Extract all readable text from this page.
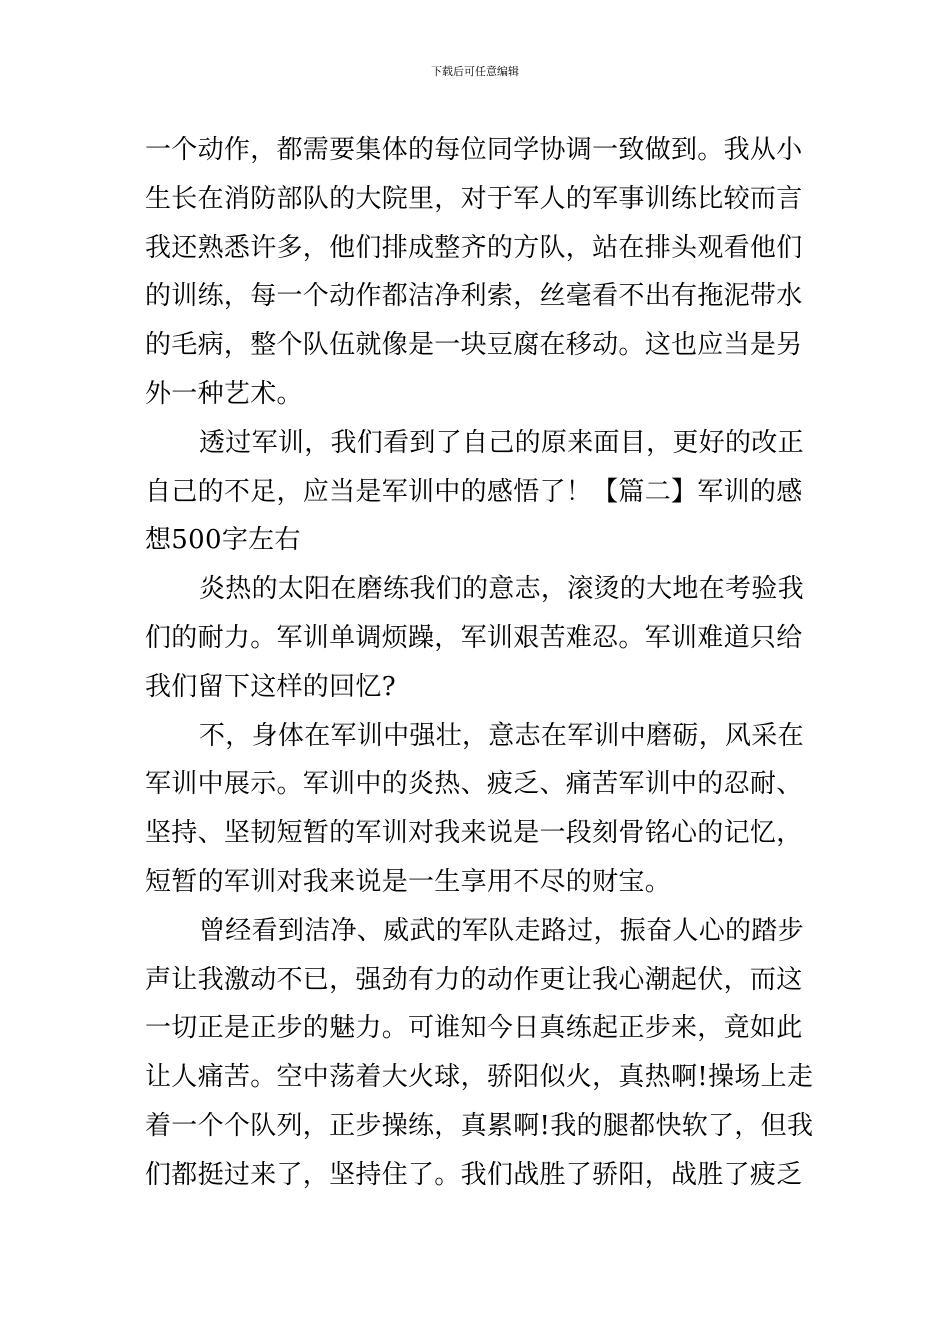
下载后可任意编辑
一个动作，都需要集体的每位同学协调一致做到。我从小
生长在消防部队的大院里，对于军人的军事训练比较而言
我还熟悉许多，他们排成整齐的方队，站在排头观看他们
的训练，每一个动作都洁净利索，丝毫看不出有拖泥带水
的毛病，整个队伍就像是一块豆腐在移动。这也应当是另
外一种艺术。
透过军训，我们看到了自己的原来面目，更好的改正
自己的不足，应当是军训中的感悟了！【篇二】军训的感
想500字左右
炎热的太阳在磨练我们的意志，滚烫的大地在考验我
们的耐力。军训单调烦躁，军训艰苦难忍。军训难道只给
我们留下这样的回忆?
不，身体在军训中强壮，意志在军训中磨砺，风采在
军训中展示。军训中的炎热、疲乏、痛苦军训中的忍耐、
坚持、坚韧短暂的军训对我来说是一段刻骨铭心的记忆，
短暂的军训对我来说是一生享用不尽的财宝。
曾经看到洁净、威武的军队走路过，振奋人心的踏步
声让我激动不已，强劲有力的动作更让我心潮起伏，而这
一切正是正步的魅力。可谁知今日真练起正步来，竟如此
让人痛苦。空中荡着大火球，骄阳似火，真热啊!操场上走
着一个个队列，正步操练，真累啊!我的腿都快软了，但我
们都挺过来了，坚持住了。我们战胜了骄阳，战胜了疲乏
